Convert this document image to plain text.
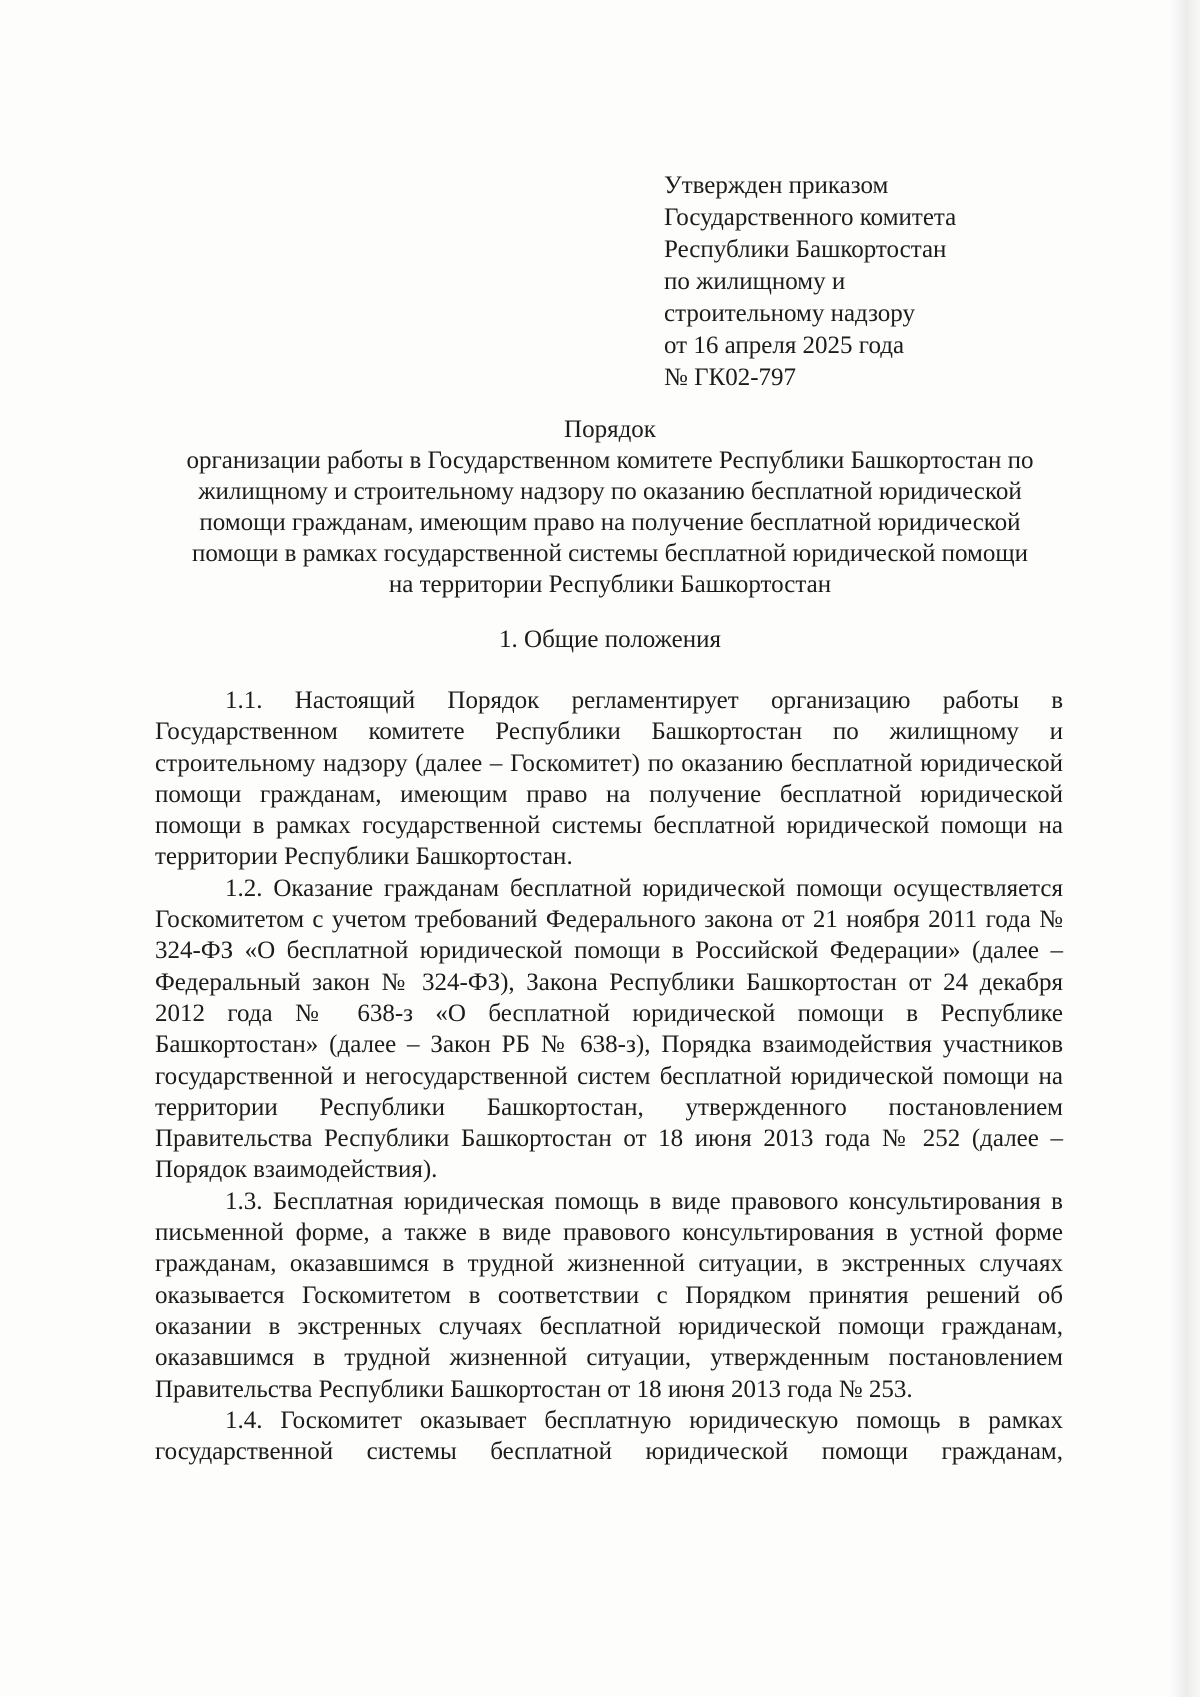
Утвержден приказом
Государственного комитета
Республики Башкортостан
по жилищному и
строительному надзору
от 16 апреля 2025 года
№ ГК02-797
Порядок
организации работы в Государственном комитете Республики Башкортостан по
жилищному и строительному надзору по оказанию бесплатной юридической
помощи гражданам, имеющим право на получение бесплатной юридической
помощи в рамках государственной системы бесплатной юридической помощи
на территории Республики Башкортостан
1. Общие положения

1.1. Настоящий Порядок регламентирует организацию работы в Государственном комитете Республики Башкортостан по жилищному и строительному надзору (далее – Госкомитет) по оказанию бесплатной юридической помощи гражданам, имеющим право на получение бесплатной юридической помощи в рамках государственной системы бесплатной юридической помощи на территории Республики Башкортостан.

1.2. Оказание гражданам бесплатной юридической помощи осуществляется Госкомитетом с учетом требований Федерального закона от 21 ноября 2011 года № 324-ФЗ «О бесплатной юридической помощи в Российской Федерации» (далее – Федеральный закон № 324-ФЗ), Закона Республики Башкортостан от 24 декабря 2012 года № 638-з «О бесплатной юридической помощи в Республике Башкортостан» (далее – Закон РБ № 638-з), Порядка взаимодействия участников государственной и негосударственной систем бесплатной юридической помощи на территории Республики Башкортостан, утвержденного постановлением Правительства Республики Башкортостан от 18 июня 2013 года № 252 (далее – Порядок взаимодействия).

1.3. Бесплатная юридическая помощь в виде правового консультирования в письменной форме, а также в виде правового консультирования в устной форме гражданам, оказавшимся в трудной жизненной ситуации, в экстренных случаях оказывается Госкомитетом в соответствии с Порядком принятия решений об оказании в экстренных случаях бесплатной юридической помощи гражданам, оказавшимся в трудной жизненной ситуации, утвержденным постановлением Правительства Республики Башкортостан от 18 июня 2013 года № 253.

1.4. Госкомитет оказывает бесплатную юридическую помощь в рамках государственной системы бесплатной юридической помощи гражданам,
